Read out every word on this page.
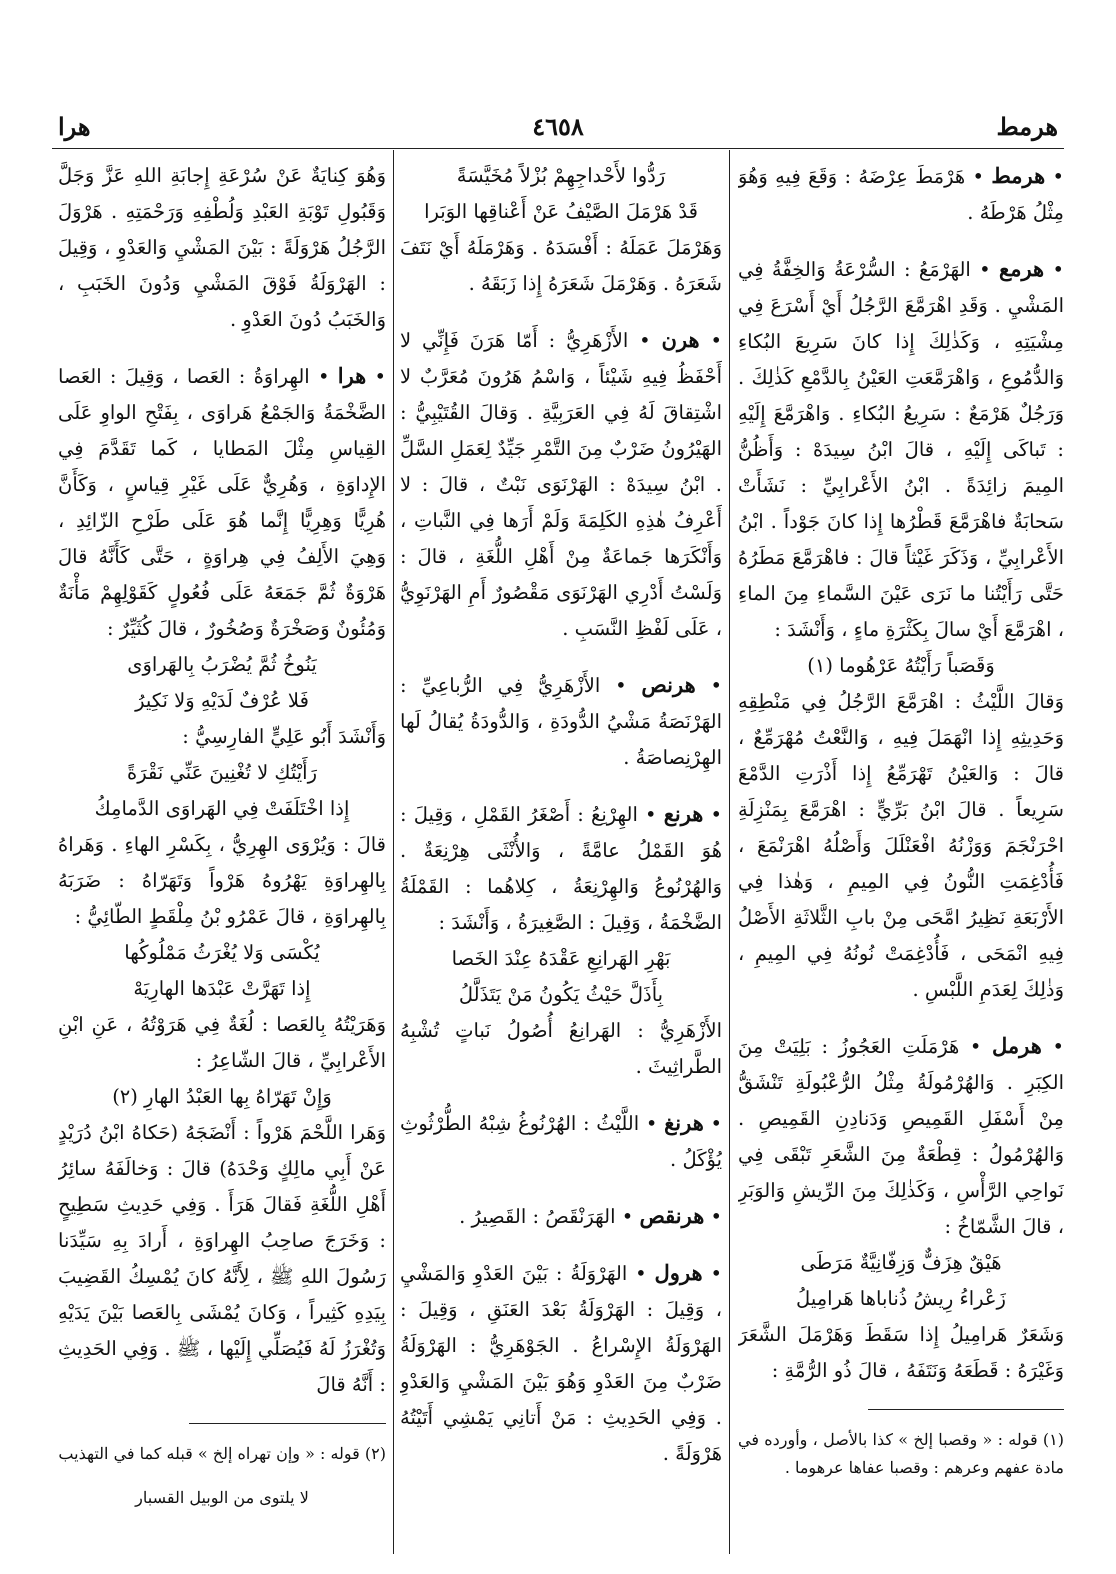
هرمط
٤٦٥٨
هرا

• هرمط • هَرْمَطَ عِرْضَهُ : وَقَعَ فِيهِ وَهُوَ مِثْلُ هَرْطَهُ .

• هرمع • الهَرْمَعُ : السُّرْعَةُ وَالخِفَّةُ فِي المَشْيِ . وَقَدِ اهْرَمَّعَ الرَّجُلُ أَيْ أَسْرَعَ فِي مِشْيَتِهِ ، وَكَذٰلِكَ إِذا كانَ سَرِيعَ البُكاءِ وَالدُّمُوعِ ، وَاهْرَمَّعَتِ العَيْنُ بِالدَّمْعِ كَذٰلِكَ . وَرَجُلٌ هَرْمَعٌ : سَرِيعُ البُكاءِ . وَاهْرَمَّعَ إِلَيْهِ : تَباكَى إِلَيْهِ ، قالَ ابْنُ سِيدَهْ : وَأَظُنُّ المِيمَ زائِدَةً . ابْنُ الأَعْرابِيِّ : نَشَأَتْ سَحابَةٌ فاهْرَمَّعَ قَطْرُها إِذا كانَ جَوْداً . ابْنُ الأَعْرابِيِّ ، وَذَكَرَ غَيْثاً قالَ : فاهْرَمَّعَ مَطَرُهُ حَتَّى رَأَيْتُنا ما نَرَى عَيْنَ السَّماءِ مِنَ الماءِ ، اهْرَمَّعَ أَيْ سالَ بِكَثْرَةِ ماءٍ ، وَأَنْشَدَ :

وَقَصَباً رَأَيْتُهُ عَرْهُوما (١)

وَقالَ اللَّيْثُ : اهْرَمَّعَ الرَّجُلُ فِي مَنْطِقِهِ وَحَدِيثِهِ إِذا انْهَمَلَ فِيهِ ، وَالنَّعْتُ مُهْرَمِّعٌ ، قالَ : وَالعَيْنُ تَهْرَمِّعُ إِذا أَذْرَتِ الدَّمْعَ سَرِيعاً . قالَ ابْنُ بَرِّيٍّ : اهْرَمَّعَ بِمَنْزِلَةِ احْرَنْجَمَ وَوَزْنُهُ افْعَنْلَلَ وَأَصْلُهُ اهْرَنْمَعَ ، فَأُدْغِمَتِ النُّونُ فِي المِيمِ ، وَهٰذا فِي الأَرْبَعَةِ نَظِيرُ امَّحَى مِنْ بابِ الثَّلاثَةِ الأَصْلُ فِيهِ انْمَحَى ، فَأُدْغِمَتْ نُونُهُ فِي المِيمِ ، وَذٰلِكَ لِعَدَمِ اللَّبْسِ .

• هرمل • هَرْمَلَتِ العَجُوزُ : بَلِيَتْ مِنَ الكِبَرِ . وَالهُرْمُولَةُ مِثْلُ الرُّعْبُولَةِ تَنْشَقُّ مِنْ أَسْفَلِ القَمِيصِ وَدَنادِنِ القَمِيصِ . وَالهُرْمُولُ : قِطْعَةٌ مِنَ الشَّعَرِ تَبْقَى فِي نَواحِي الرَّأْسِ ، وَكَذٰلِكَ مِنَ الرِّيشِ وَالوَبَرِ ، قالَ الشَّمّاخُ :

هَيْقٌ هِزَفٌّ وَزِفّانِيَّةٌ مَرَطَى

زَعْراءُ رِيشُ ذُناباها هَرامِيلُ

وَشَعَرٌ هَرامِيلُ إِذا سَقَطَ وَهَرْمَلَ الشَّعَرَ وَغَيْرَهُ : قَطَعَهُ وَنَتَفَهُ ، قالَ ذُو الرُّمَّةِ :

(١) قوله : « وقصبا إلخ » كذا بالأصل ، وأورده في مادة عفهم وعرهم : وقصبا عفاها عرهوما .

رَدُّوا لأَحْداجِهِمْ بُزْلاً مُخَيَّسَةً

قَدْ هَرْمَلَ الصَّيْفُ عَنْ أَعْناقِها الوَبَرا

وَهَرْمَلَ عَمَلَهُ : أَفْسَدَهُ . وَهَرْمَلَهُ أَيْ نَتَفَ شَعَرَهُ . وَهَرْمَلَ شَعَرَهُ إِذا زَبَقَهُ .

• هرن • الأَزْهَرِيُّ : أَمّا هَرَنَ فَإِنِّي لا أَحْفَظُ فِيهِ شَيْئاً ، وَاسْمُ هَرُونَ مُعَرَّبٌ لا اشْتِقاقَ لَهُ فِي العَرَبِيَّةِ . وَقالَ القُتَيْبِيُّ : الهَيْرُونُ ضَرْبٌ مِنَ التَّمْرِ جَيِّدٌ لِعَمَلِ السَّلِّ . ابْنُ سِيدَهْ : الهَرْنَوَى نَبْتٌ ، قالَ : لا أَعْرِفُ هٰذِهِ الكَلِمَةَ وَلَمْ أَرَها فِي النَّباتِ ، وَأَنْكَرَها جَماعَةٌ مِنْ أَهْلِ اللُّغَةِ ، قالَ : وَلَسْتُ أَدْرِي الهَرْنَوَى مَقْصُورٌ أَمِ الهَرْنَوِيُّ ، عَلَى لَفْظِ النَّسَبِ .

• هرنص • الأَزْهَرِيُّ فِي الرُّباعِيِّ : الهَرْنَصَةُ مَشْيُ الدُّودَةِ ، وَالدُّودَةُ يُقالُ لَها الهِرْنِصاصَةُ .

• هرنع • الهِرْنِعُ : أَصْغَرُ القَمْلِ ، وَقِيلَ : هُوَ القَمْلُ عامَّةً ، وَالأُنْثَى هِرْنِعَةٌ . وَالهُرْنُوعُ وَالهِرْنِعَةُ ، كِلاهُما : القَمْلَةُ الضَّخْمَةُ ، وَقِيلَ : الصَّغِيرَةُ ، وَأَنْشَدَ :

بَهْرِ الهَرانِعِ عَقْدَهُ عِنْدَ الخَصا

بِأَذَلَّ حَيْثُ يَكُونُ مَنْ يَتَذَلَّلُ

الأَزْهَرِيُّ : الهَرانِعُ أُصُولُ نَباتٍ تُشْبِهُ الطَّراثِيثَ .

• هرنغ • اللَّيْثُ : الهُرْنُوغُ شِبْهُ الطُّرْثُوثِ يُؤْكَلُ .

• هرنقص • الهَرَنْقَصُ : القَصِيرُ .

• هرول • الهَرْوَلَةُ : بَيْنَ العَدْوِ وَالمَشْيِ ، وَقِيلَ : الهَرْوَلَةُ بَعْدَ العَنَقِ ، وَقِيلَ : الهَرْوَلَةُ الإِسْراعُ . الجَوْهَرِيُّ : الهَرْوَلَةُ ضَرْبٌ مِنَ العَدْوِ وَهُوَ بَيْنَ المَشْيِ وَالعَدْوِ . وَفِي الحَدِيثِ : مَنْ أَتانِي يَمْشِي أَتَيْتُهُ هَرْوَلَةً .

وَهُوَ كِنايَةٌ عَنْ سُرْعَةِ إِجابَةِ اللهِ عَزَّ وَجَلَّ وَقَبُولِ تَوْبَةِ العَبْدِ وَلُطْفِهِ وَرَحْمَتِهِ . هَرْوَلَ الرَّجُلُ هَرْوَلَةً : بَيْنَ المَشْيِ وَالعَدْوِ ، وَقِيلَ : الهَرْوَلَةُ فَوْقَ المَشْيِ وَدُونَ الخَبَبِ ، وَالخَبَبُ دُونَ العَدْوِ .

• هرا • الهِراوَةُ : العَصا ، وَقِيلَ : العَصا الضَّخْمَةُ وَالجَمْعُ هَراوَى ، بِفَتْحِ الواوِ عَلَى القِياسِ مِثْلَ المَطايا ، كَما تَقَدَّمَ فِي الإِداوَةِ ، وَهُرِيٌّ عَلَى غَيْرِ قِياسٍ ، وَكَأَنَّ هُرِيًّا وَهِرِيًّا إِنَّما هُوَ عَلَى طَرْحِ الزّائِدِ ، وَهِيَ الأَلِفُ فِي هِراوَةٍ ، حَتَّى كَأَنَّهُ قالَ هَرْوَةٌ ثُمَّ جَمَعَهُ عَلَى فُعُولٍ كَقَوْلِهِمْ مَأْنَةٌ وَمُئُونٌ وَصَخْرَةٌ وَصُخُورٌ ، قالَ كُثَيِّرٌ :

يَنُوخُ ثُمَّ يُضْرَبُ بِالهَراوَى

فَلا عُرْفٌ لَدَيْهِ وَلا نَكِيرُ

وَأَنْشَدَ أَبُو عَلِيٍّ الفارِسِيُّ :

رَأَيْتُكِ لا تُغْنِينَ عَنِّي نَقْرَةً

إِذا اخْتَلَفَتْ فِي الهَراوَى الدَّمامِكُ

قالَ : وَيُرْوَى الهِرِيُّ ، بِكَسْرِ الهاءِ . وَهَراهُ بِالهِراوَةِ يَهْرُوهُ هَرْواً وَتَهَرّاهُ : ضَرَبَهُ بِالهِراوَةِ ، قالَ عَمْرُو بْنُ مِلْقَطٍ الطّائِيُّ :

يُكْسَى وَلا يُغْرَثُ مَمْلُوكُها

إِذا تَهَرَّتْ عَبْدَها الهارِيَهْ

وَهَرَيْتُهُ بِالعَصا : لُغَةٌ فِي هَرَوْتُهُ ، عَنِ ابْنِ الأَعْرابِيِّ ، قالَ الشّاعِرُ :

وَإِنْ تَهَرّاهُ بِها العَبْدُ الهارِ (٢)

وَهَرا اللَّحْمَ هَرْواً : أَنْضَجَهُ (حَكاهُ ابْنُ دُرَيْدٍ عَنْ أَبِي مالِكٍ وَحْدَهُ) قالَ : وَخالَفَهُ سائِرُ أَهْلِ اللُّغَةِ فَقالَ هَرَأَ . وَفِي حَدِيثِ سَطِيحٍ : وَخَرَجَ صاحِبُ الهِراوَةِ ، أَرادَ بِهِ سَيِّدَنا رَسُولَ اللهِ ﷺ ، لِأَنَّهُ كانَ يُمْسِكُ القَضِيبَ بِيَدِهِ كَثِيراً ، وَكانَ يُمْشَى بِالعَصا بَيْنَ يَدَيْهِ وَتُغْرَزُ لَهُ فَيُصَلِّي إِلَيْها ، ﷺ . وَفِي الحَدِيثِ : أَنَّهُ قالَ

(٢) قوله : « وإن تهراه إلخ » قبله كما في التهذيب

لا يلتوى من الوبيل القسبار
